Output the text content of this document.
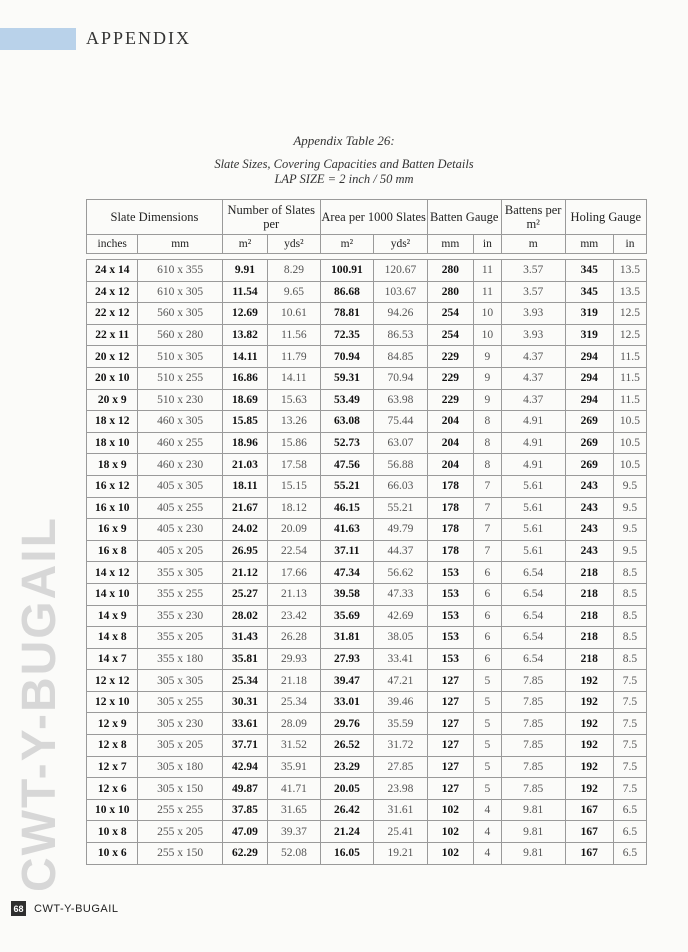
APPENDIX
CWT-Y-BUGAIL
Appendix Table 26:
Slate Sizes, Covering Capacities and Batten Details
LAP SIZE = 2 inch / 50 mm
Slate Dimensions		Number of Slates per		Area per 1000 Slates		Batten Gauge		Battens per m²	Holing Gauge	
inches	mm	m²	yds²	m²	yds²	mm	in	m	mm	in

24 x 14	610 x 355	9.91	8.29	100.91	120.67	280	11	3.57	345	13.5
24 x 12	610 x 305	11.54	9.65	86.68	103.67	280	11	3.57	345	13.5
22 x 12	560 x 305	12.69	10.61	78.81	94.26	254	10	3.93	319	12.5
22 x 11	560 x 280	13.82	11.56	72.35	86.53	254	10	3.93	319	12.5
20 x 12	510 x 305	14.11	11.79	70.94	84.85	229	9	4.37	294	11.5
20 x 10	510 x 255	16.86	14.11	59.31	70.94	229	9	4.37	294	11.5
20 x 9	510 x 230	18.69	15.63	53.49	63.98	229	9	4.37	294	11.5
18 x 12	460 x 305	15.85	13.26	63.08	75.44	204	8	4.91	269	10.5
18 x 10	460 x 255	18.96	15.86	52.73	63.07	204	8	4.91	269	10.5
18 x 9	460 x 230	21.03	17.58	47.56	56.88	204	8	4.91	269	10.5
16 x 12	405 x 305	18.11	15.15	55.21	66.03	178	7	5.61	243	9.5
16 x 10	405 x 255	21.67	18.12	46.15	55.21	178	7	5.61	243	9.5
16 x 9	405 x 230	24.02	20.09	41.63	49.79	178	7	5.61	243	9.5
16 x 8	405 x 205	26.95	22.54	37.11	44.37	178	7	5.61	243	9.5
14 x 12	355 x 305	21.12	17.66	47.34	56.62	153	6	6.54	218	8.5
14 x 10	355 x 255	25.27	21.13	39.58	47.33	153	6	6.54	218	8.5
14 x 9	355 x 230	28.02	23.42	35.69	42.69	153	6	6.54	218	8.5
14 x 8	355 x 205	31.43	26.28	31.81	38.05	153	6	6.54	218	8.5
14 x 7	355 x 180	35.81	29.93	27.93	33.41	153	6	6.54	218	8.5
12 x 12	305 x 305	25.34	21.18	39.47	47.21	127	5	7.85	192	7.5
12 x 10	305 x 255	30.31	25.34	33.01	39.46	127	5	7.85	192	7.5
12 x 9	305 x 230	33.61	28.09	29.76	35.59	127	5	7.85	192	7.5
12 x 8	305 x 205	37.71	31.52	26.52	31.72	127	5	7.85	192	7.5
12 x 7	305 x 180	42.94	35.91	23.29	27.85	127	5	7.85	192	7.5
12 x 6	305 x 150	49.87	41.71	20.05	23.98	127	5	7.85	192	7.5
10 x 10	255 x 255	37.85	31.65	26.42	31.61	102	4	9.81	167	6.5
10 x 8	255 x 205	47.09	39.37	21.24	25.41	102	4	9.81	167	6.5
10 x 6	255 x 150	62.29	52.08	16.05	19.21	102	4	9.81	167	6.5
68 CWT-Y-BUGAIL
